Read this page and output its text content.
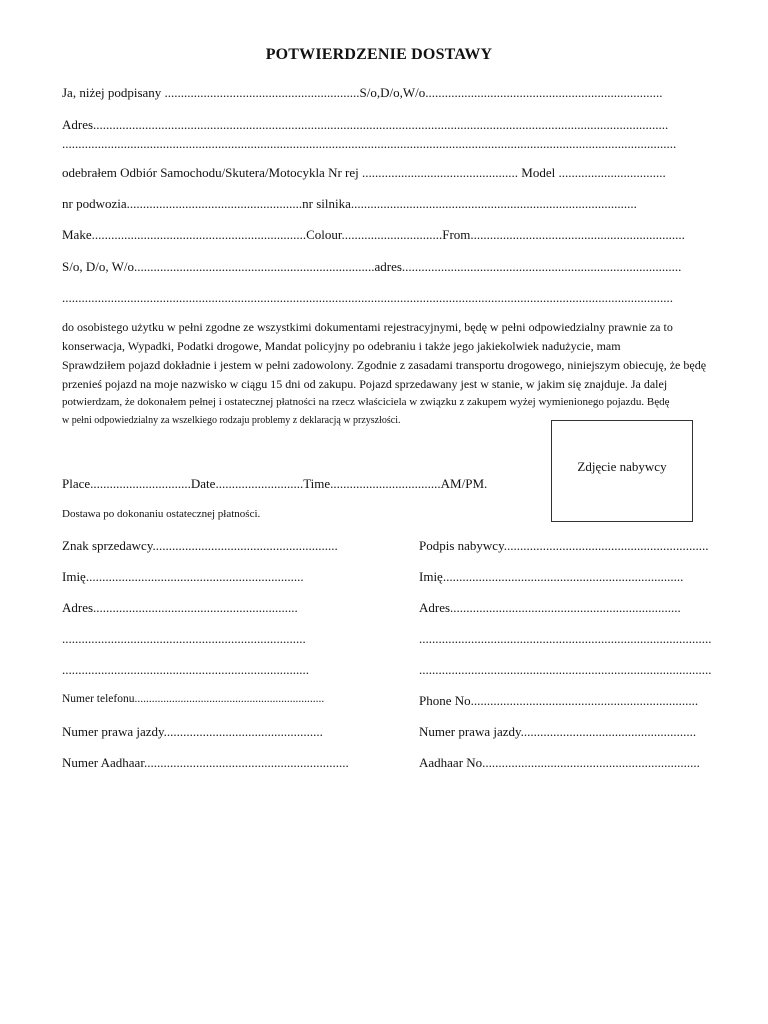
POTWIERDZENIE DOSTAWY
Ja, niżej podpisany ............................................................S/o,D/o,W/o.........................................................................
Adres.................................................................................................................................................................................
.............................................................................................................................................................................................
odebrałem Odbiór Samochodu/Skutera/Motocykla Nr rej ................................................ Model .................................
nr podwozia......................................................nr silnika........................................................................................
Make..................................................................Colour...............................From..................................................................
S/o, D/o, W/o..........................................................................adres......................................................................................
............................................................................................................................................................................................
do osobistego użytku w pełni zgodne ze wszystkimi dokumentami rejestracyjnymi, będę w pełni odpowiedzialny prawnie za to
konserwacja, Wypadki, Podatki drogowe, Mandat policyjny po odebraniu i także jego jakiekolwiek nadużycie, mam
Sprawdziłem pojazd dokładnie i jestem w pełni zadowolony. Zgodnie z zasadami transportu drogowego, niniejszym obiecuję, że będę
przenieś pojazd na moje nazwisko w ciągu 15 dni od zakupu. Pojazd sprzedawany jest w stanie, w jakim się znajduje. Ja dalej
potwierdzam, że dokonałem pełnej i ostatecznej płatności na rzecz właściciela w związku z zakupem wyżej wymienionego pojazdu. Będę
w pełni odpowiedzialny za wszelkiego rodzaju problemy z deklaracją w przyszłości.
Zdjęcie nabywcy
Place...............................Date...........................Time..................................AM/PM.
Dostawa po dokonaniu ostatecznej płatności.
Znak sprzedawcy.........................................................
Imię...................................................................
Adres...............................................................
...........................................................................
............................................................................
Numer telefonu..................................................................
Numer prawa jazdy.................................................
Numer Aadhaar...............................................................
Podpis nabywcy...............................................................
Imię..........................................................................
Adres.......................................................................
..........................................................................................
..........................................................................................
Phone No......................................................................
Numer prawa jazdy......................................................
Aadhaar No...................................................................
